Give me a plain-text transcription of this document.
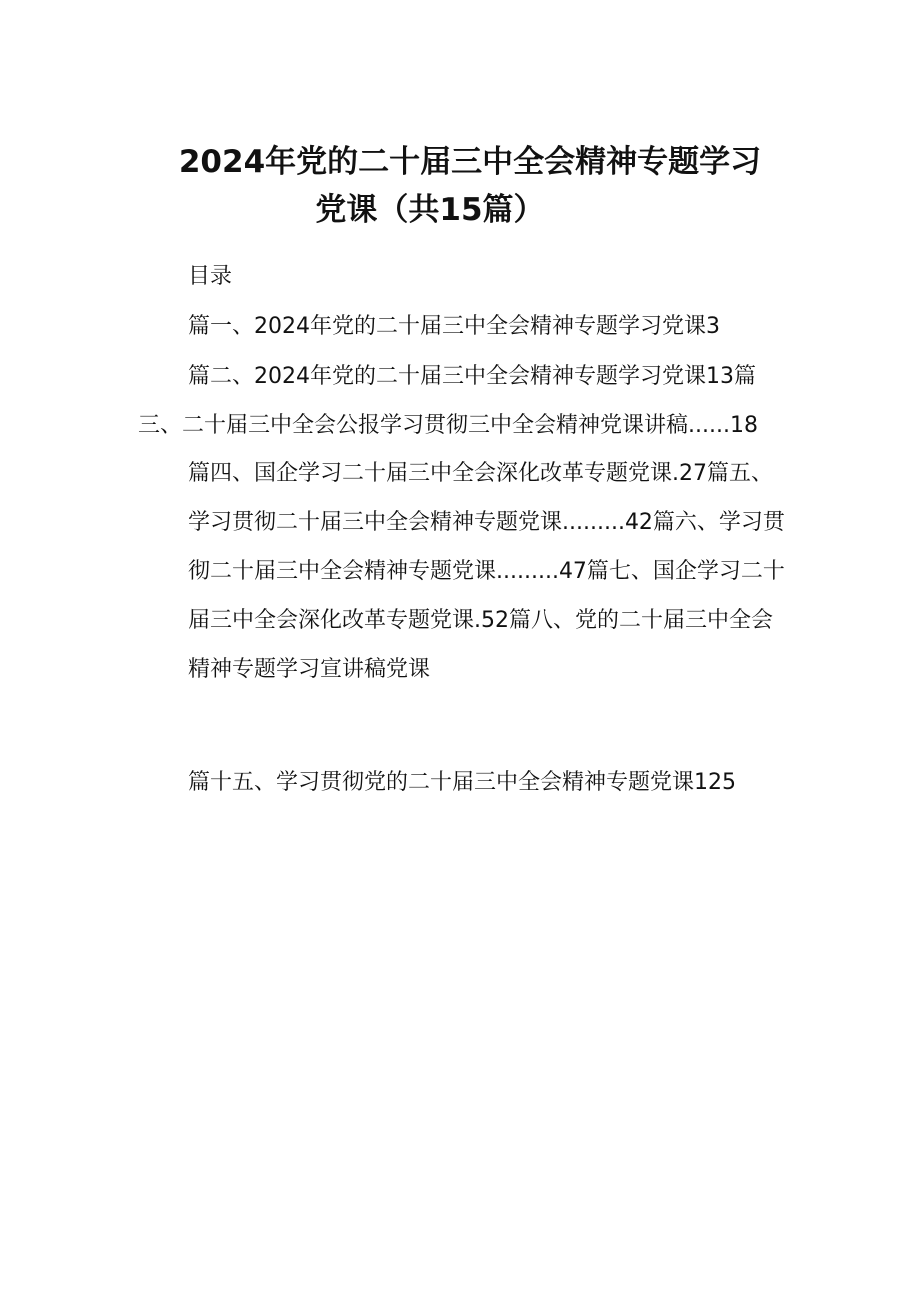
2024年党的二十届三中全会精神专题学习
党课（共15篇）
目录
篇一、2024年党的二十届三中全会精神专题学习党课3
篇二、2024年党的二十届三中全会精神专题学习党课13篇
三、二十届三中全会公报学习贯彻三中全会精神党课讲稿......18
篇四、国企学习二十届三中全会深化改革专题党课.27篇五、
学习贯彻二十届三中全会精神专题党课.........42篇六、学习贯
彻二十届三中全会精神专题党课.........47篇七、国企学习二十
届三中全会深化改革专题党课.52篇八、党的二十届三中全会
精神专题学习宣讲稿党课
篇十五、学习贯彻党的二十届三中全会精神专题党课125
